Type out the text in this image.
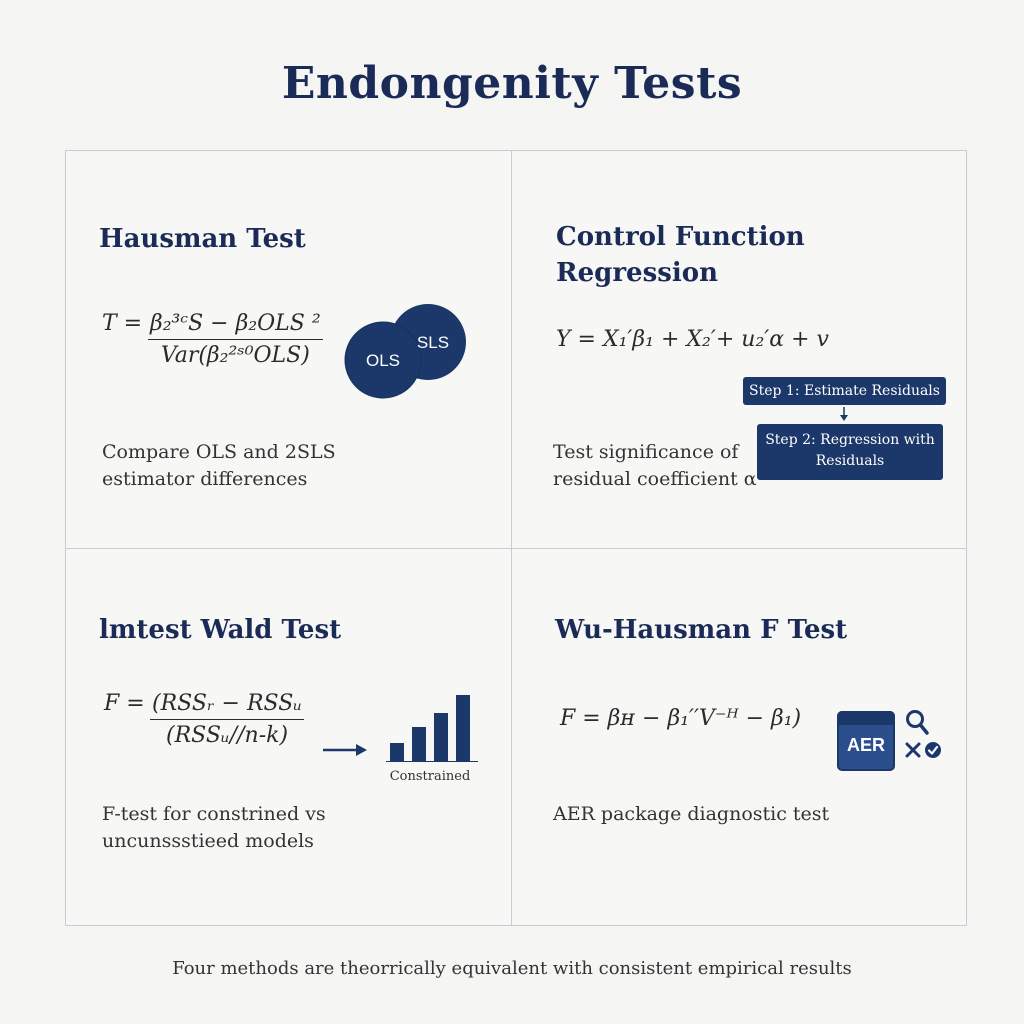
Endongenity Tests
Hausman Test
T = β₂³ᶜS − β₂OLS ²
Var(β₂²ˢ⁰OLS)	OLS
SLS
Compare OLS and 2SLS
estimator differences
Control Function
Regression
Y = X₁′β₁ + X₂′+ u₂′α + v
Step 1: Estimate Residuals
Step 2: Regression with
Residuals
Test significance of
residual coefficient α
lmtest Wald Test
F = (RSSᵣ − RSSᵤ
(RSSᵤ//n-k)
Constrained
F-test for constrined vs
uncunssstieed models
Wu-Hausman F Test
F = βʜ − β₁′′V⁻ᴴ − β₁)
AER
AER package diagnostic test
Four methods are theorrically equivalent with consistent empirical results
